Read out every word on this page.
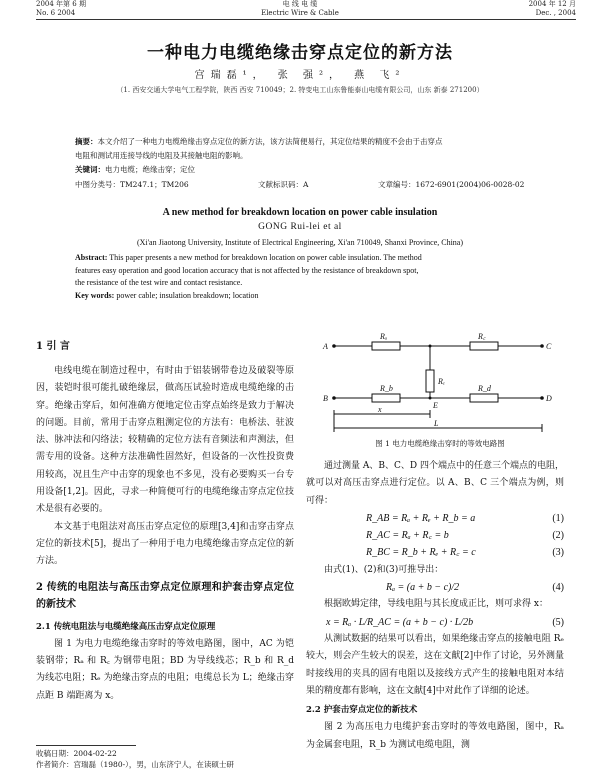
2004 年第 6 期
No. 6 2004
电 线 电 缆
Electric Wire & Cable
2004 年 12 月
Dec. , 2004
一种电力电缆绝缘击穿点定位的新方法
宫瑞磊¹， 张 强²， 燕 飞²
（1. 西安交通大学电气工程学院，陕西 西安 710049；2. 特变电工山东鲁能泰山电缆有限公司，山东 新泰 271200）
摘要：本文介绍了一种电力电缆绝缘击穿点定位的新方法，该方法简便易行，其定位结果的精度不会由于击穿点
电阻和测试用连接导线的电阻及其接触电阻的影响。
关键词：电力电缆；绝缘击穿；定位
中图分类号：TM247.1；TM206	文献标识码：A	文章编号：1672-6901(2004)06-0028-02
A new method for breakdown location on power cable insulation
GONG Rui-lei et al
(Xi'an Jiaotong University, Institute of Electrical Engineering, Xi'an 710049, Shanxi Province, China)
Abstract: This paper presents a new method for breakdown location on power cable insulation. The method
features easy operation and good location accuracy that is not affected by the resistance of breakdown spot,
the resistance of the test wire and contact resistance.
Key words: power cable; insulation breakdown; location
1 引 言

电线电缆在制造过程中，有时由于铝装钢带卷边及破裂等原因，装铠时很可能扎破绝缘层，做高压试验时造成电缆绝缘的击穿。绝缘击穿后，如何准确方便地定位击穿点始终是致力于解决的问题。目前，常用于击穿点粗测定位的方法有：电桥法、驻波法、脉冲法和闪络法；较精确的定位方法有音频法和声测法，但需专用的设备。这种方法准确性固然好，但设备的一次性投资费用较高，况且生产中击穿的现象也不多见，没有必要购买一台专用设备[1,2]。因此，寻求一种简便可行的电缆绝缘击穿点定位技术是很有必要的。

本文基于电阻法对高压击穿点定位的原理[3,4]和击穿击穿点定位的新技术[5]，提出了一种用于电力电缆绝缘击穿点定位的新方法。

2 传统的电阻法与高压击穿点定位原理和护套击穿点定位的新技术
2.1 传统电阻法与电缆绝缘高压击穿点定位原理

图 1 为电力电缆绝缘击穿时的等效电路图，图中，AC 为铠装钢带；Rₐ 和 R꜀ 为钢带电阻；BD 为导线线芯；R_b 和 R_d 为线芯电阻；Rₑ 为绝缘击穿点的电阻；电缆总长为 L；绝缘击穿点距 B 端距离为 x。

收稿日期：2004-02-22
作者简介：宫瑞磊（1980-），男，山东济宁人，在读硕士研
A	C
B	D
E
Rₐ	R꜀
Rₑ
R_b	R_d
x
L
图 1 电力电缆绝缘击穿时的等效电路图

通过测量 A、B、C、D 四个端点中的任意三个端点的电阻，就可以对高压击穿点进行定位。以 A、B、C 三个端点为例，则可得：

R_AB = Rₐ + Rₑ + R_b = a	(1)
R_AC = Rₐ + R꜀ = b	(2)
R_BC = R_b + Rₑ + R꜀ = c	(3)

由式(1)、(2)和(3)可推导出：

Rₐ = (a + b − c)/2	(4)

根据欧姆定律，导线电阻与其长度成正比，则可求得 x：

x = Rₐ · L/R_AC = (a + b − c) · L/2b	(5)

从测试数据的结果可以看出，如果绝缘击穿点的接触电阻 Rₑ 较大，则会产生较大的误差，这在文献[2]中作了讨论，另外测量时接线用的夹具的固有电阻以及接线方式产生的接触电阻对本结果的精度都有影响，这在文献[4]中对此作了详细的论述。

2.2 护套击穿点定位的新技术

图 2 为高压电力电缆护套击穿时的等效电路图，图中，Rₐ 为金属套电阻，R_b 为测试电缆电阻，测
